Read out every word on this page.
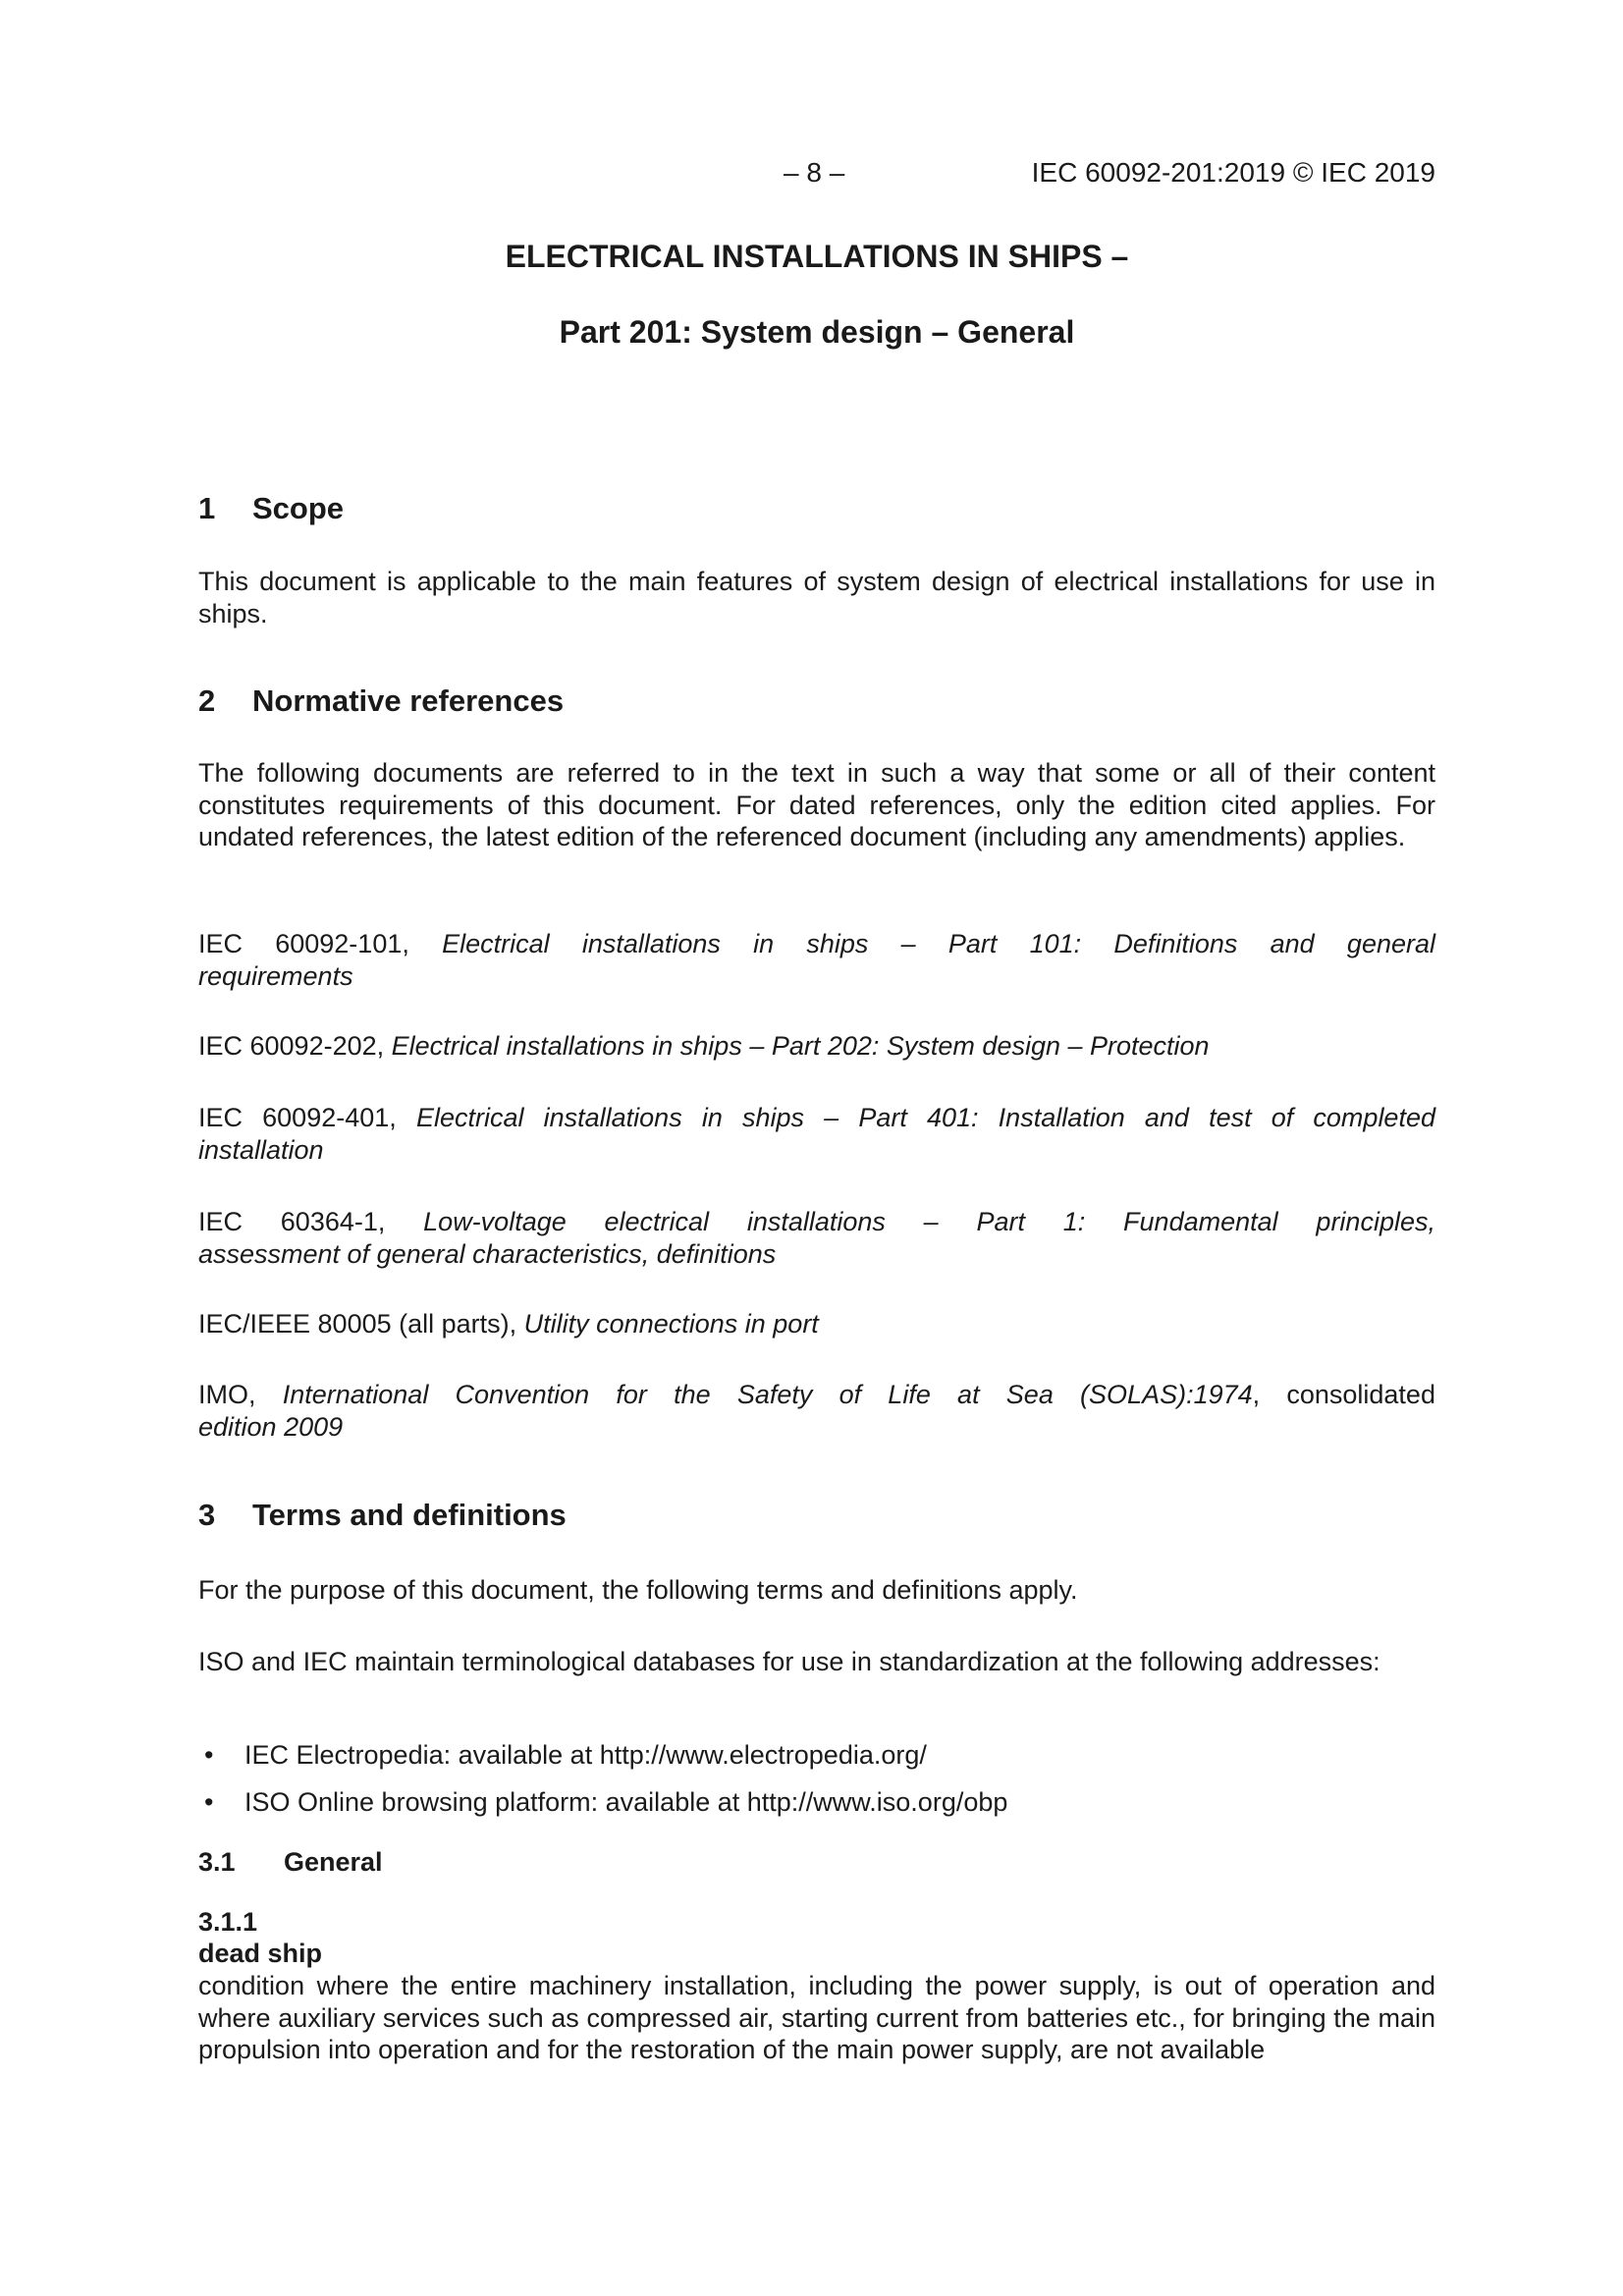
– 8 –	IEC 60092-201:2019 © IEC 2019
ELECTRICAL INSTALLATIONS IN SHIPS –
Part 201: System design – General
1 Scope
This document is applicable to the main features of system design of electrical installations for use in ships.
2 Normative references
The following documents are referred to in the text in such a way that some or all of their content constitutes requirements of this document. For dated references, only the edition cited applies. For undated references, the latest edition of the referenced document (including any amendments) applies.
IEC 60092-101, Electrical installations in ships – Part 101: Definitions and general
requirements
IEC 60092-202, Electrical installations in ships – Part 202: System design – Protection
IEC 60092-401, Electrical installations in ships – Part 401: Installation and test of completed
installation
IEC 60364-1, Low-voltage electrical installations – Part 1: Fundamental principles,
assessment of general characteristics, definitions
IEC/IEEE 80005 (all parts), Utility connections in port
IMO, International Convention for the Safety of Life at Sea (SOLAS):1974, consolidated
edition 2009
3 Terms and definitions
For the purpose of this document, the following terms and definitions apply.
ISO and IEC maintain terminological databases for use in standardization at the following addresses:
• IEC Electropedia: available at http://www.electropedia.org/
• ISO Online browsing platform: available at http://www.iso.org/obp
3.1 General
3.1.1
dead ship
condition where the entire machinery installation, including the power supply, is out of operation and where auxiliary services such as compressed air, starting current from batteries etc., for bringing the main propulsion into operation and for the restoration of the main power supply, are not available
